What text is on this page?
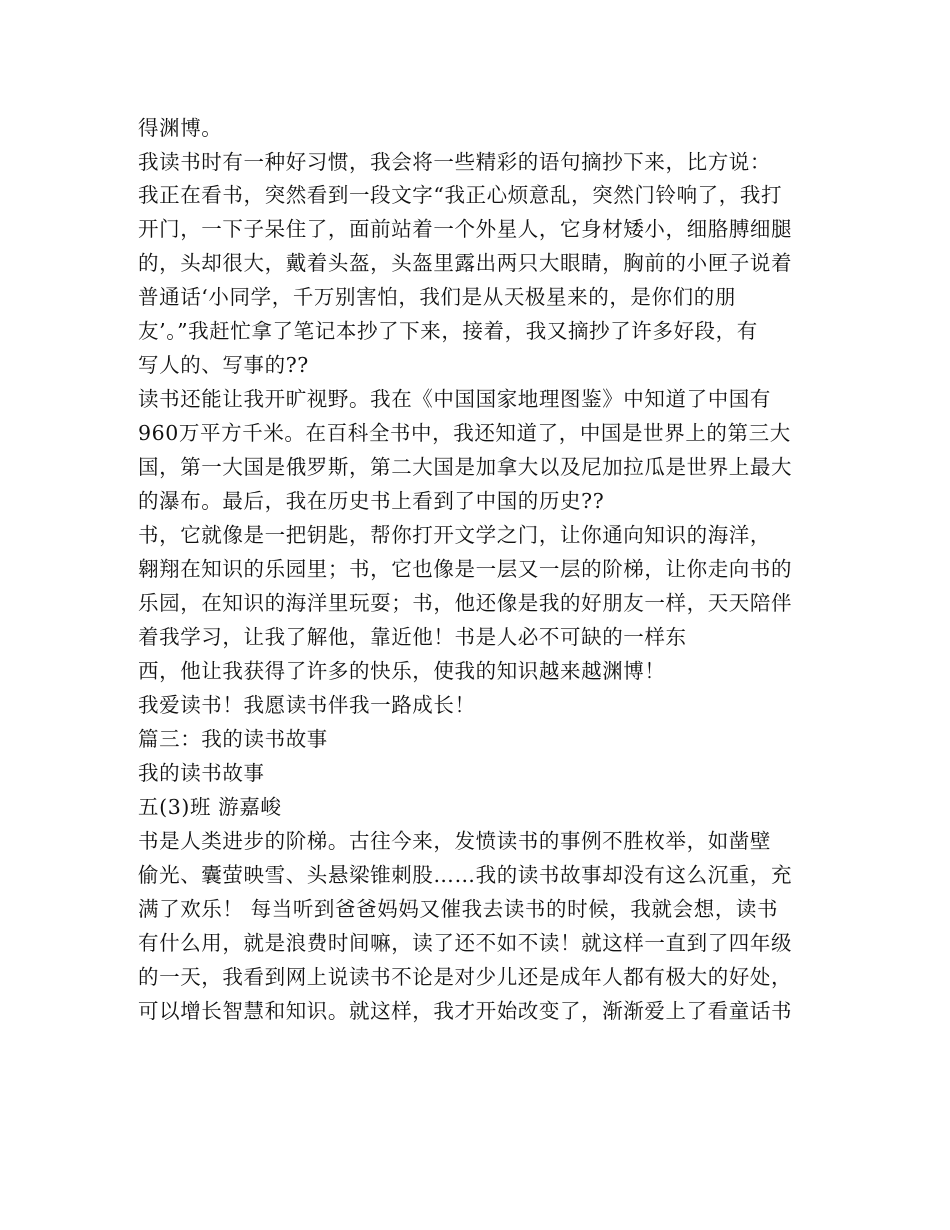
得渊博。
我读书时有一种好习惯，我会将一些精彩的语句摘抄下来，比方说：
我正在看书，突然看到一段文字“我正心烦意乱，突然门铃响了，我打
开门，一下子呆住了，面前站着一个外星人，它身材矮小，细胳膊细腿
的，头却很大，戴着头盔，头盔里露出两只大眼睛，胸前的小匣子说着
普通话‘小同学，千万别害怕，我们是从天极星来的，是你们的朋
友’。”我赶忙拿了笔记本抄了下来，接着，我又摘抄了许多好段，有
写人的、写事的??
读书还能让我开旷视野。我在《中国国家地理图鉴》中知道了中国有
960万平方千米。在百科全书中，我还知道了，中国是世界上的第三大
国，第一大国是俄罗斯，第二大国是加拿大以及尼加拉瓜是世界上最大
的瀑布。最后，我在历史书上看到了中国的历史??
书，它就像是一把钥匙，帮你打开文学之门，让你通向知识的海洋，
翱翔在知识的乐园里；书，它也像是一层又一层的阶梯，让你走向书的
乐园，在知识的海洋里玩耍；书，他还像是我的好朋友一样，天天陪伴
着我学习，让我了解他，靠近他！书是人必不可缺的一样东
西，他让我获得了许多的快乐，使我的知识越来越渊博！
我爱读书！我愿读书伴我一路成长！
篇三：我的读书故事
我的读书故事
五(3)班 游嘉峻
书是人类进步的阶梯。古往今来，发愤读书的事例不胜枚举，如凿壁
偷光、囊萤映雪、头悬梁锥刺股……我的读书故事却没有这么沉重，充
满了欢乐！ 每当听到爸爸妈妈又催我去读书的时候，我就会想，读书
有什么用，就是浪费时间嘛，读了还不如不读！就这样一直到了四年级
的一天，我看到网上说读书不论是对少儿还是成年人都有极大的好处，
可以增长智慧和知识。就这样，我才开始改变了，渐渐爱上了看童话书
